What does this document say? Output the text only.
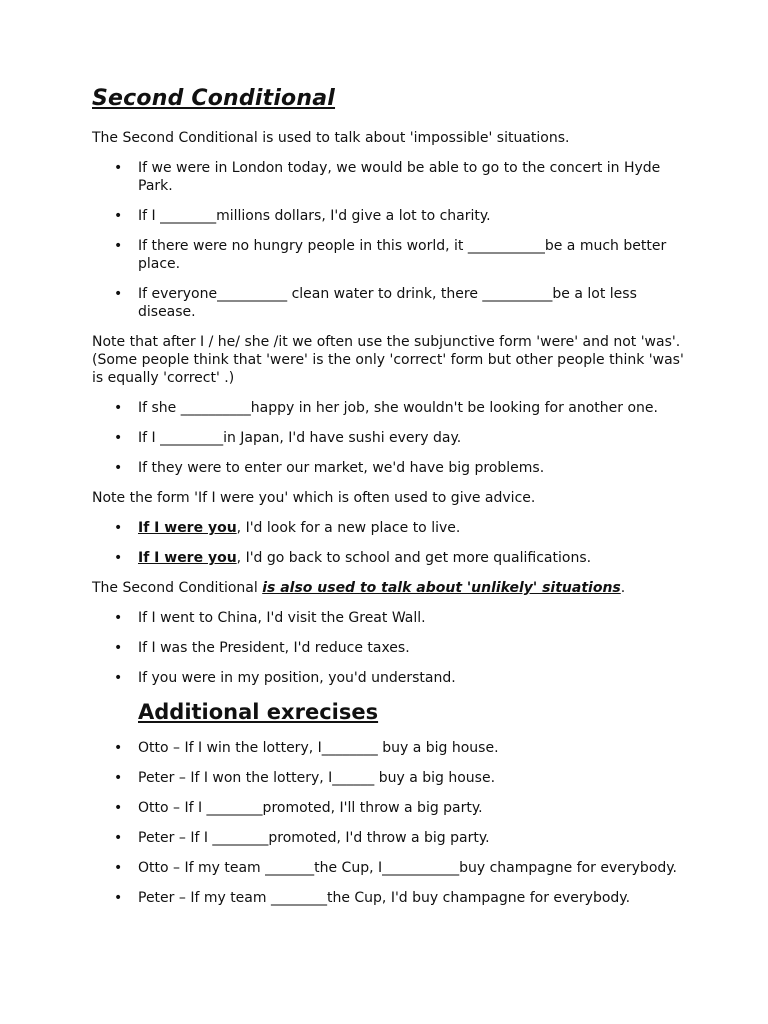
Second Conditional

The Second Conditional is used to talk about 'impossible' situations.

• If we were in London today, we would be able to go to the concert in Hyde Park.
• If I ________millions dollars, I'd give a lot to charity.
• If there were no hungry people in this world, it ___________be a much better place.
• If everyone__________ clean water to drink, there __________be a lot less disease.

Note that after I / he/ she /it we often use the subjunctive form 'were' and not 'was'. (Some people think that 'were' is the only 'correct' form but other people think 'was' is equally 'correct' .)

• If she __________happy in her job, she wouldn't be looking for another one.
• If I _________in Japan, I'd have sushi every day.
• If they were to enter our market, we'd have big problems.

Note the form 'If I were you' which is often used to give advice.

• If I were you, I'd look for a new place to live.
• If I were you, I'd go back to school and get more qualifications.

The Second Conditional is also used to talk about 'unlikely' situations.

• If I went to China, I'd visit the Great Wall.
• If I was the President, I'd reduce taxes.
• If you were in my position, you'd understand.
Additional exrecises
• Otto – If I win the lottery, I________ buy a big house.
• Peter – If I won the lottery, I______ buy a big house.
• Otto – If I ________promoted, I'll throw a big party.
• Peter – If I ________promoted, I'd throw a big party.
• Otto – If my team _______the Cup, I___________buy champagne for everybody.
• Peter – If my team ________the Cup, I'd buy champagne for everybody.
